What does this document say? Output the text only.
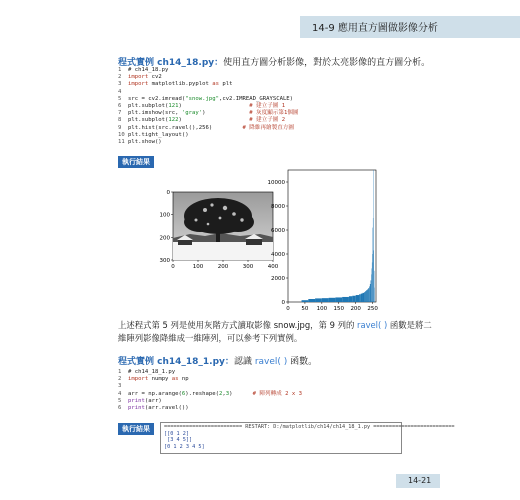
14-9 應用直方圖做影像分析
程式實例 ch14_18.py：使用直方圖分析影像，對於太亮影像的直方圖分析。
1 # ch14_18.py
2 import cv2
3 import matplotlib.pyplot as plt
4
5 src = cv2.imread("snow.jpg",cv2.IMREAD_GRAYSCALE)
6 plt.subplot(121)                    # 建立子圖 1
7 plt.imshow(src, 'gray')             # 灰度顯示第1個圖
8 plt.subplot(122)                    # 建立子圖 2
9 plt.hist(src.ravel(),256)         # 降維再繪製直方圖
10 plt.tight_layout()
11 plt.show()
執行結果
0
100
200
300
0	100	200	300	400
0
2000
4000
6000
8000
10000
0 50 100 150 200 250
上述程式第 5 列是使用灰階方式讀取影像 snow.jpg，第 9 列的 ravel( ) 函數是將二維陣列影像降維成一維陣列，可以參考下列實例。
程式實例 ch14_18_1.py：認識 ravel( ) 函數。
1 # ch14_18_1.py
2 import numpy as np
3
4 arr = np.arange(6).reshape(2,3)      # 陣列轉成 2 x 3
5 print(arr)
6 print(arr.ravel())
執行結果	========================= RESTART: D:/matplotlib/ch14/ch14_18_1.py ==========================
[[0 1 2]
[3 4 5]]
[0 1 2 3 4 5]
14-21
